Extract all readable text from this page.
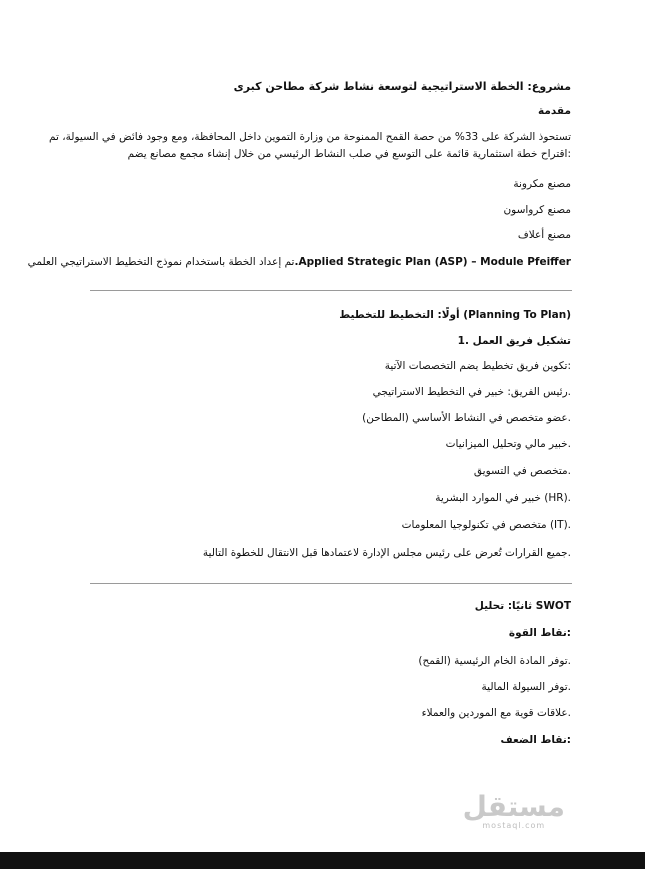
مشروع: الخطة الاستراتيجية لتوسعة نشاط شركة مطاحن كبرى
مقدمة
تستحوذ الشركة على 33% من حصة القمح الممنوحة من وزارة التموين داخل المحافظة، ومع وجود فائض في السيولة، تم
:اقتراح خطة استثمارية قائمة على التوسع في صلب النشاط الرئيسي من خلال إنشاء مجمع مصانع يضم
مصنع مكرونة
مصنع كرواسون
مصنع أعلاف
Applied Strategic Plan (ASP) – Module Pfeiffer.تم إعداد الخطة باستخدام نموذج التخطيط الاستراتيجي العلمي
(Planning To Plan) أولًا: التخطيط للتخطيط
تشكيل فريق العمل .1
:تكوين فريق تخطيط يضم التخصصات الآتية
.رئيس الفريق: خبير في التخطيط الاستراتيجي
.عضو متخصص في النشاط الأساسي (المطاحن)
.خبير مالي وتحليل الميزانيات
.متخصص في التسويق
.(HR) خبير في الموارد البشرية
.(IT) متخصص في تكنولوجيا المعلومات
.جميع القرارات تُعرض على رئيس مجلس الإدارة لاعتمادها قبل الانتقال للخطوة التالية
SWOT ثانيًا: تحليل
:نقاط القوة
.توفر المادة الخام الرئيسية (القمح)
.توفر السيولة المالية
.علاقات قوية مع الموردين والعملاء
:نقاط الضعف
مستقل
mostaql.com
